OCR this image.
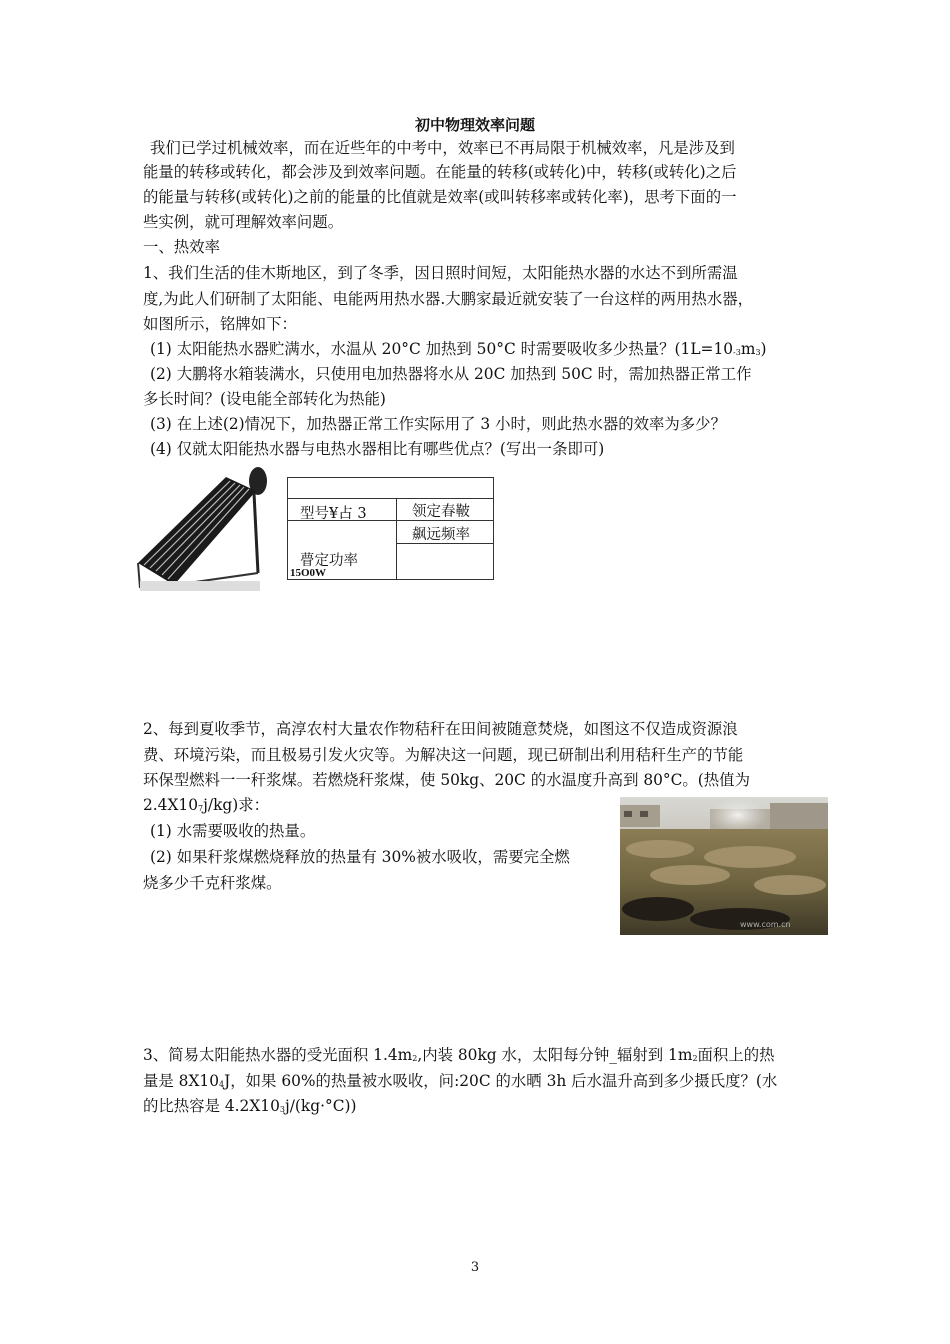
初中物理效率问题
我们已学过机械效率，而在近些年的中考中，效率已不再局限于机械效率，凡是涉及到
能量的转移或转化，都会涉及到效率问题。在能量的转移(或转化)中，转移(或转化)之后
的能量与转移(或转化)之前的能量的比值就是效率(或叫转移率或转化率)，思考下面的一
些实例，就可理解效率问题。
一、热效率
1、我们生活的佳木斯地区，到了冬季，因日照时间短，太阳能热水器的水达不到所需温
度,为此人们研制了太阳能、电能两用热水器.大鹏家最近就安装了一台这样的两用热水器，
如图所示，铭牌如下：
(1) 太阳能热水器贮满水，水温从 20°C 加热到 50°C 时需要吸收多少热量？$(1L=10_{-3}m_3)$
(2) 大鹏将水箱装满水，只使用电加热器将水从 20C 加热到 50C 时，需加热器正常工作
多长时间？(设电能全部转化为热能)
(3) 在上述(2)情况下，加热器正常工作实际用了 3 小时，则此热水器的效率为多少？
(4) 仅就太阳能热水器与电热水器相比有哪些优点？(写出一条即可)
型号¥占 3	领定春鞁
飙远频率
瞢定功率
15O0W
2、每到夏收季节，高淳农村大量农作物秸秆在田间被随意焚烧，如图这不仅造成资源浪
费、环境污染，而且极易引发火灾等。为解决这一问题，现已研制出利用秸秆生产的节能
环保型燃料一一秆浆煤。若燃烧秆浆煤，使 50kg、20C 的水温度升高到 80°C。(热值为
$2.4X10_7j/kg$)求：
(1) 水需要吸收的热量。
(2) 如果秆浆煤燃烧释放的热量有 30%被水吸收，需要完全燃
烧多少千克秆浆煤。
www.com.cn
3、简易太阳能热水器的受光面积 $1.4m_2$,内装 80kg 水，太阳每分钟_辐射到 $1m_2$面积上的热
量是 $8X10_4J$，如果 60%的热量被水吸收，问:20C 的水晒 3h 后水温升高到多少摄氏度？(水
的比热容是 $4.2X10_3j/(kg\cdot^\circ C)$)
3
